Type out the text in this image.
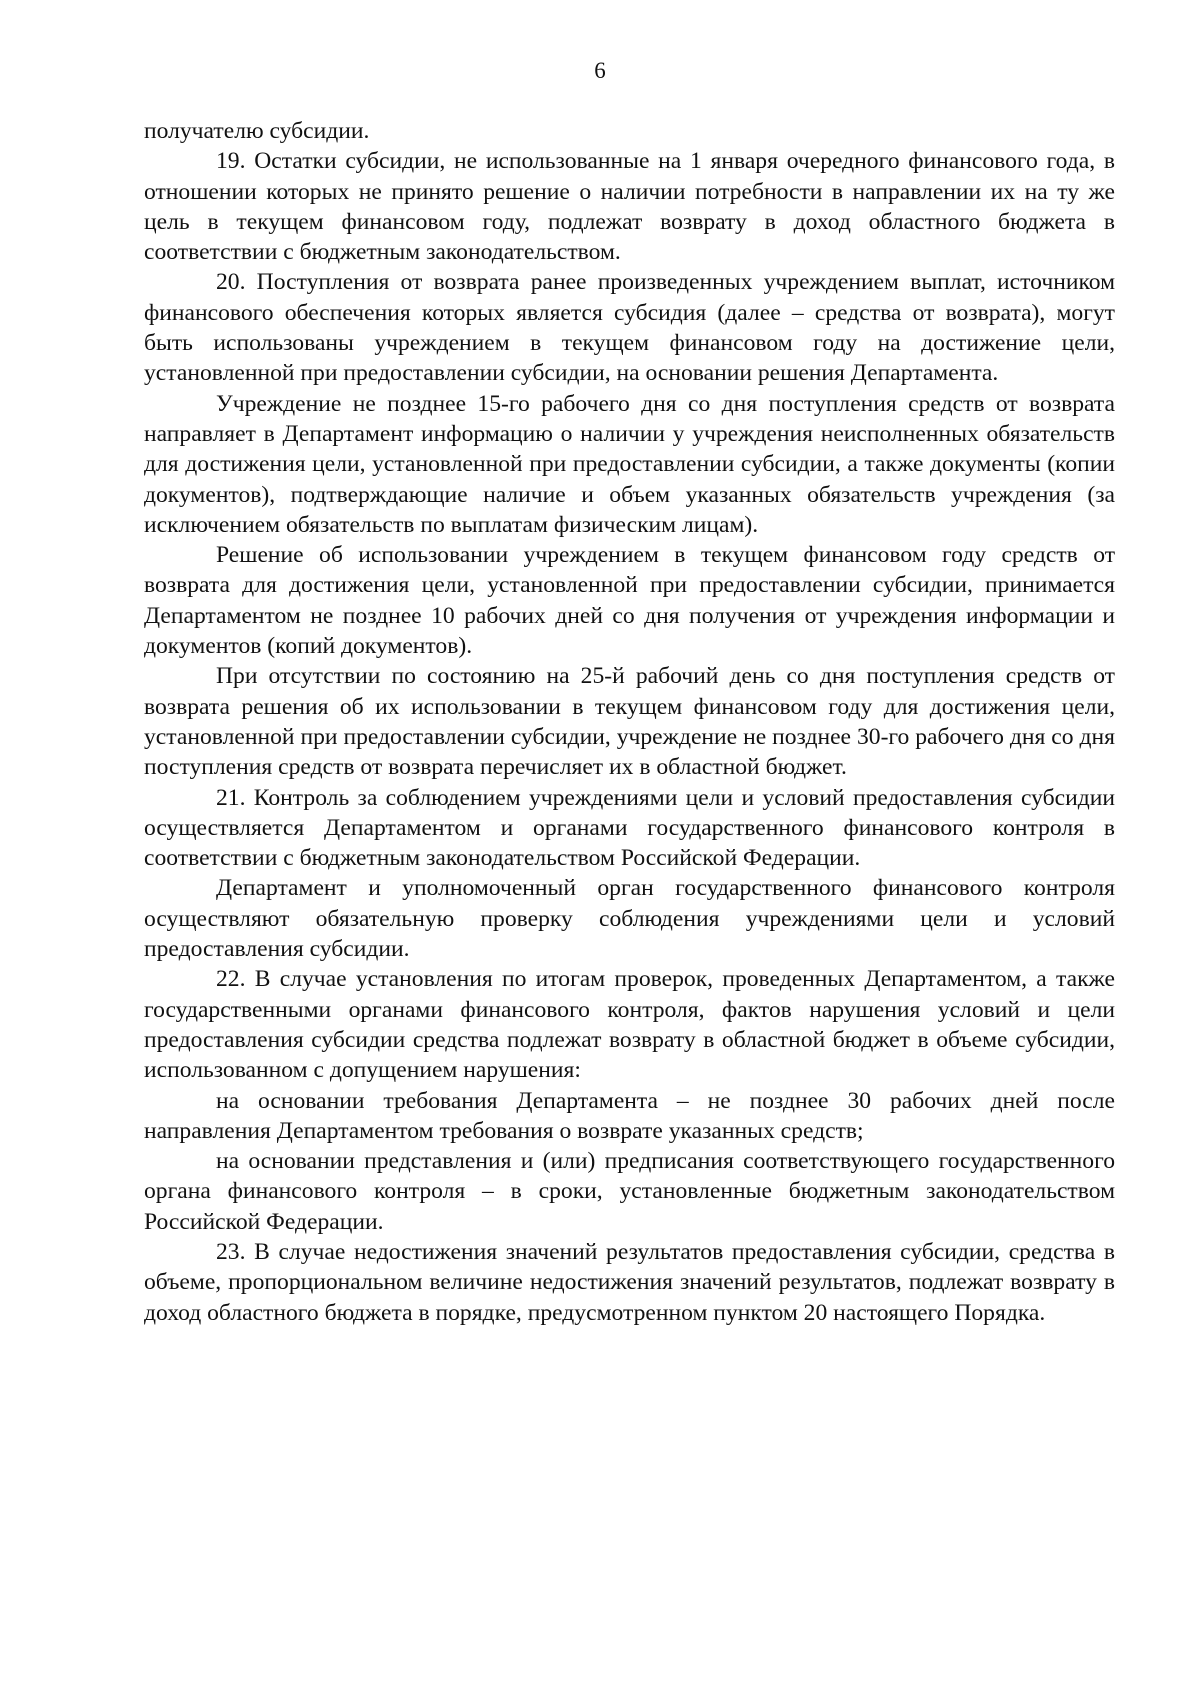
6

получателю субсидии.

19. Остатки субсидии, не использованные на 1 января очередного финансового года, в отношении которых не принято решение о наличии потребности в направлении их на ту же цель в текущем финансовом году, подлежат возврату в доход областного бюджета в соответствии с бюджетным законодательством.

20. Поступления от возврата ранее произведенных учреждением выплат, источником финансового обеспечения которых является субсидия (далее – средства от возврата), могут быть использованы учреждением в текущем финансовом году на достижение цели, установленной при предоставлении субсидии, на основании решения Департамента.

Учреждение не позднее 15-го рабочего дня со дня поступления средств от возврата направляет в Департамент информацию о наличии у учреждения неисполненных обязательств для достижения цели, установленной при предоставлении субсидии, а также документы (копии документов), подтверждающие наличие и объем указанных обязательств учреждения (за исключением обязательств по выплатам физическим лицам).

Решение об использовании учреждением в текущем финансовом году средств от возврата для достижения цели, установленной при предоставлении субсидии, принимается Департаментом не позднее 10 рабочих дней со дня получения от учреждения информации и документов (копий документов).

При отсутствии по состоянию на 25-й рабочий день со дня поступления средств от возврата решения об их использовании в текущем финансовом году для достижения цели, установленной при предоставлении субсидии, учреждение не позднее 30-го рабочего дня со дня поступления средств от возврата перечисляет их в областной бюджет.

21. Контроль за соблюдением учреждениями цели и условий предоставления субсидии осуществляется Департаментом и органами государственного финансового контроля в соответствии с бюджетным законодательством Российской Федерации.

Департамент и уполномоченный орган государственного финансового контроля осуществляют обязательную проверку соблюдения учреждениями цели и условий предоставления субсидии.

22. В случае установления по итогам проверок, проведенных Департаментом, а также государственными органами финансового контроля, фактов нарушения условий и цели предоставления субсидии средства подлежат возврату в областной бюджет в объеме субсидии, использованном с допущением нарушения:

на основании требования Департамента – не позднее 30 рабочих дней после направления Департаментом требования о возврате указанных средств;

на основании представления и (или) предписания соответствующего государственного органа финансового контроля – в сроки, установленные бюджетным законодательством Российской Федерации.

23. В случае недостижения значений результатов предоставления субсидии, средства в объеме, пропорциональном величине недостижения значений результатов, подлежат возврату в доход областного бюджета в порядке, предусмотренном пунктом 20 настоящего Порядка.
